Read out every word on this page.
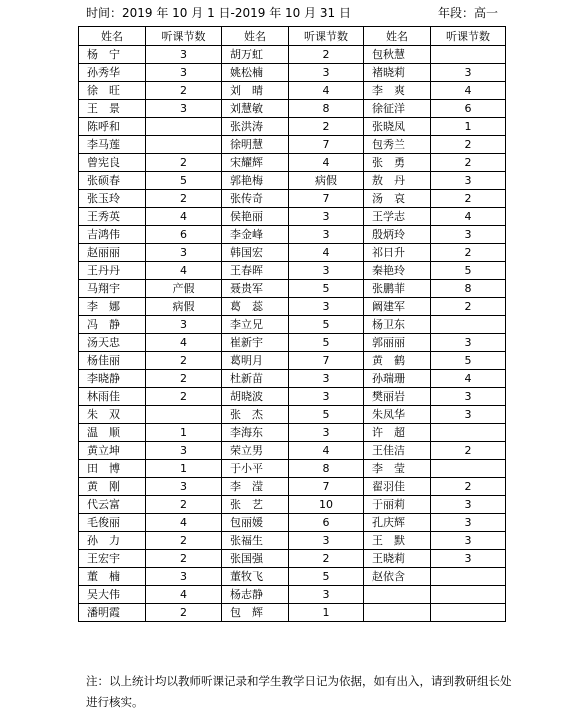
时间：2019 年 10 月 1 日-2019 年 10 月 31 日	年段：高一
姓名	听课节数	姓名	听课节数	姓名	听课节数
杨　宁	3	胡万虹	2	包秋慧	
孙秀华	3	姚松楠	3	褚晓莉	3
徐　旺	2	刘　晴	4	李　爽	4
王　景	3	刘慧敏	8	徐征洋	6
陈呼和		张洪涛	2	张晓凤	1
李马莲		徐明慧	7	包秀兰	2
曾宪良	2	宋耀辉	4	张　勇	2
张硕春	5	郭艳梅	病假	敖　丹	3
张玉玲	2	张传奇	7	汤　哀	2
王秀英	4	侯艳丽	3	王学志	4
吉鸿伟	6	李金峰	3	殷炳玲	3
赵丽丽	3	韩国宏	4	祁日升	2
王丹丹	4	王春晖	3	秦艳玲	5
马翔宇	产假	聂贵军	5	张鹏菲	8
李　娜	病假	葛　蕊	3	阚建军	2
冯　静	3	李立兄	5	杨卫东	
汤天忠	4	崔新宇	5	郭丽丽	3
杨佳丽	2	葛明月	7	黄　鹤	5
李晓静	2	杜新苗	3	孙瑞珊	4
林雨佳	2	胡晓波	3	樊丽岩	3
朱　双		张　杰	5	朱凤华	3
温　顺	1	李海东	3	许　超	
黄立坤	3	荣立男	4	王佳洁	2
田　博	1	于小平	8	李　莹	
黄　刚	3	李　滢	7	翟羽佳	2
代云富	2	张　艺	10	于丽莉	3
毛俊丽	4	包丽媛	6	孔庆辉	3
孙　力	2	张福生	3	王　默	3
王宏宇	2	张国强	2	王晓莉	3
董　楠	3	董牧飞	5	赵依含	
吴大伟	4	杨志静	3		
潘明霞	2	包　辉	1		
注：以上统计均以教师听课记录和学生教学日记为依据，如有出入，请到教研组长处进行核实。
